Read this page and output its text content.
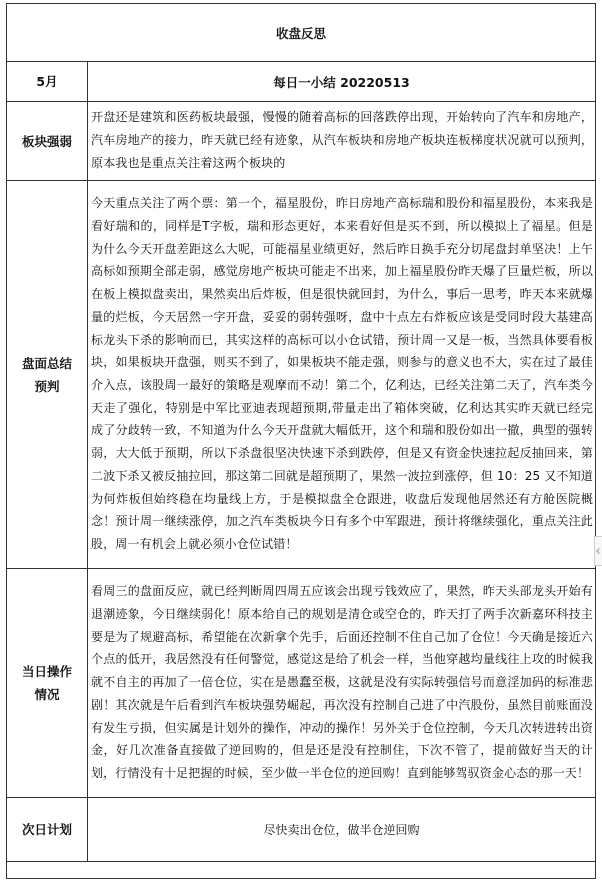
收盘反思	
5月	每日一小结 20220513
板块强弱	开盘还是建筑和医药板块最强，慢慢的随着高标的回落跌停出现，开始转向了汽车和房地产，汽车房地产的接力，昨天就已经有迹象，从汽车板块和房地产板块连板梯度状况就可以预判，原本我也是重点关注着这两个板块的
盘面总结预判	今天重点关注了两个票：第一个，福星股份，昨日房地产高标瑞和股份和福星股份，本来我是看好瑞和的，同样是T字板，瑞和形态更好，本来看好但是买不到，所以模拟上了福星。但是为什么今天开盘差距这么大呢，可能福星业绩更好，然后昨日换手充分切尾盘封单坚决！上午高标如预期全部走弱，感觉房地产板块可能走不出来，加上福星股份昨天爆了巨量烂板，所以在板上模拟盘卖出，果然卖出后炸板，但是很快就回封，为什么，事后一思考，昨天本来就爆量的烂板，今天居然一字开盘，妥妥的弱转强呀，盘中十点左右炸板应该是受同时段大基建高标龙头下杀的影响而已，其实这样的高标可以小仓试错，预计周一又是一板，当然具体要看板块，如果板块开盘强，则买不到了，如果板块不能走强，则参与的意义也不大，实在过了最佳介入点，该股周一最好的策略是观摩而不动！第二个，亿利达，已经关注第二天了，汽车类今天走了强化，特别是中军比亚迪表现超预期,带量走出了箱体突破，亿利达其实昨天就已经完成了分歧转一致，不知道为什么今天开盘就大幅低开，这个和瑞和股份如出一撤，典型的强转弱，大大低于预期，所以下杀盘很坚决快速下杀到跌停，但是又有资金快速拉起反抽回来，第二波下杀又被反抽拉回，那这第二回就是超预期了，果然一波拉到涨停，但 10：25 又不知道为何炸板但始终稳在均量线上方，于是模拟盘全仓跟进，收盘后发现他居然还有方舱医院概念！预计周一继续涨停，加之汽车类板块今日有多个中军跟进，预计将继续强化，重点关注此股，周一有机会上就必须小仓位试错！
当日操作情况	看周三的盘面反应，就已经判断周四周五应该会出现亏钱效应了，果然，昨天头部龙头开始有退潮迹象，今日继续弱化！原本给自己的规划是清仓或空仓的，昨天打了两手次新嘉环科技主要是为了规避高标，希望能在次新拿个先手，后面还控制不住自己加了仓位！今天确是接近六个点的低开，我居然没有任何警觉，感觉这是给了机会一样，当他穿越均量线往上攻的时候我就不自主的再加了一倍仓位，实在是愚蠢至极，这就是没有实际转强信号而意淫加码的标准悲剧！其次就是午后看到汽车板块强势崛起，再次没有控制自己进了中汽股份，虽然目前账面没有发生亏损，但实属是计划外的操作，冲动的操作！另外关于仓位控制，今天几次转进转出资金，好几次准备直接做了逆回购的，但是还是没有控制住，下次不管了，提前做好当天的计划，行情没有十足把握的时候，至少做一半仓位的逆回购！直到能够驾驭资金心态的那一天！
次日计划	尽快卖出仓位，做半仓逆回购
